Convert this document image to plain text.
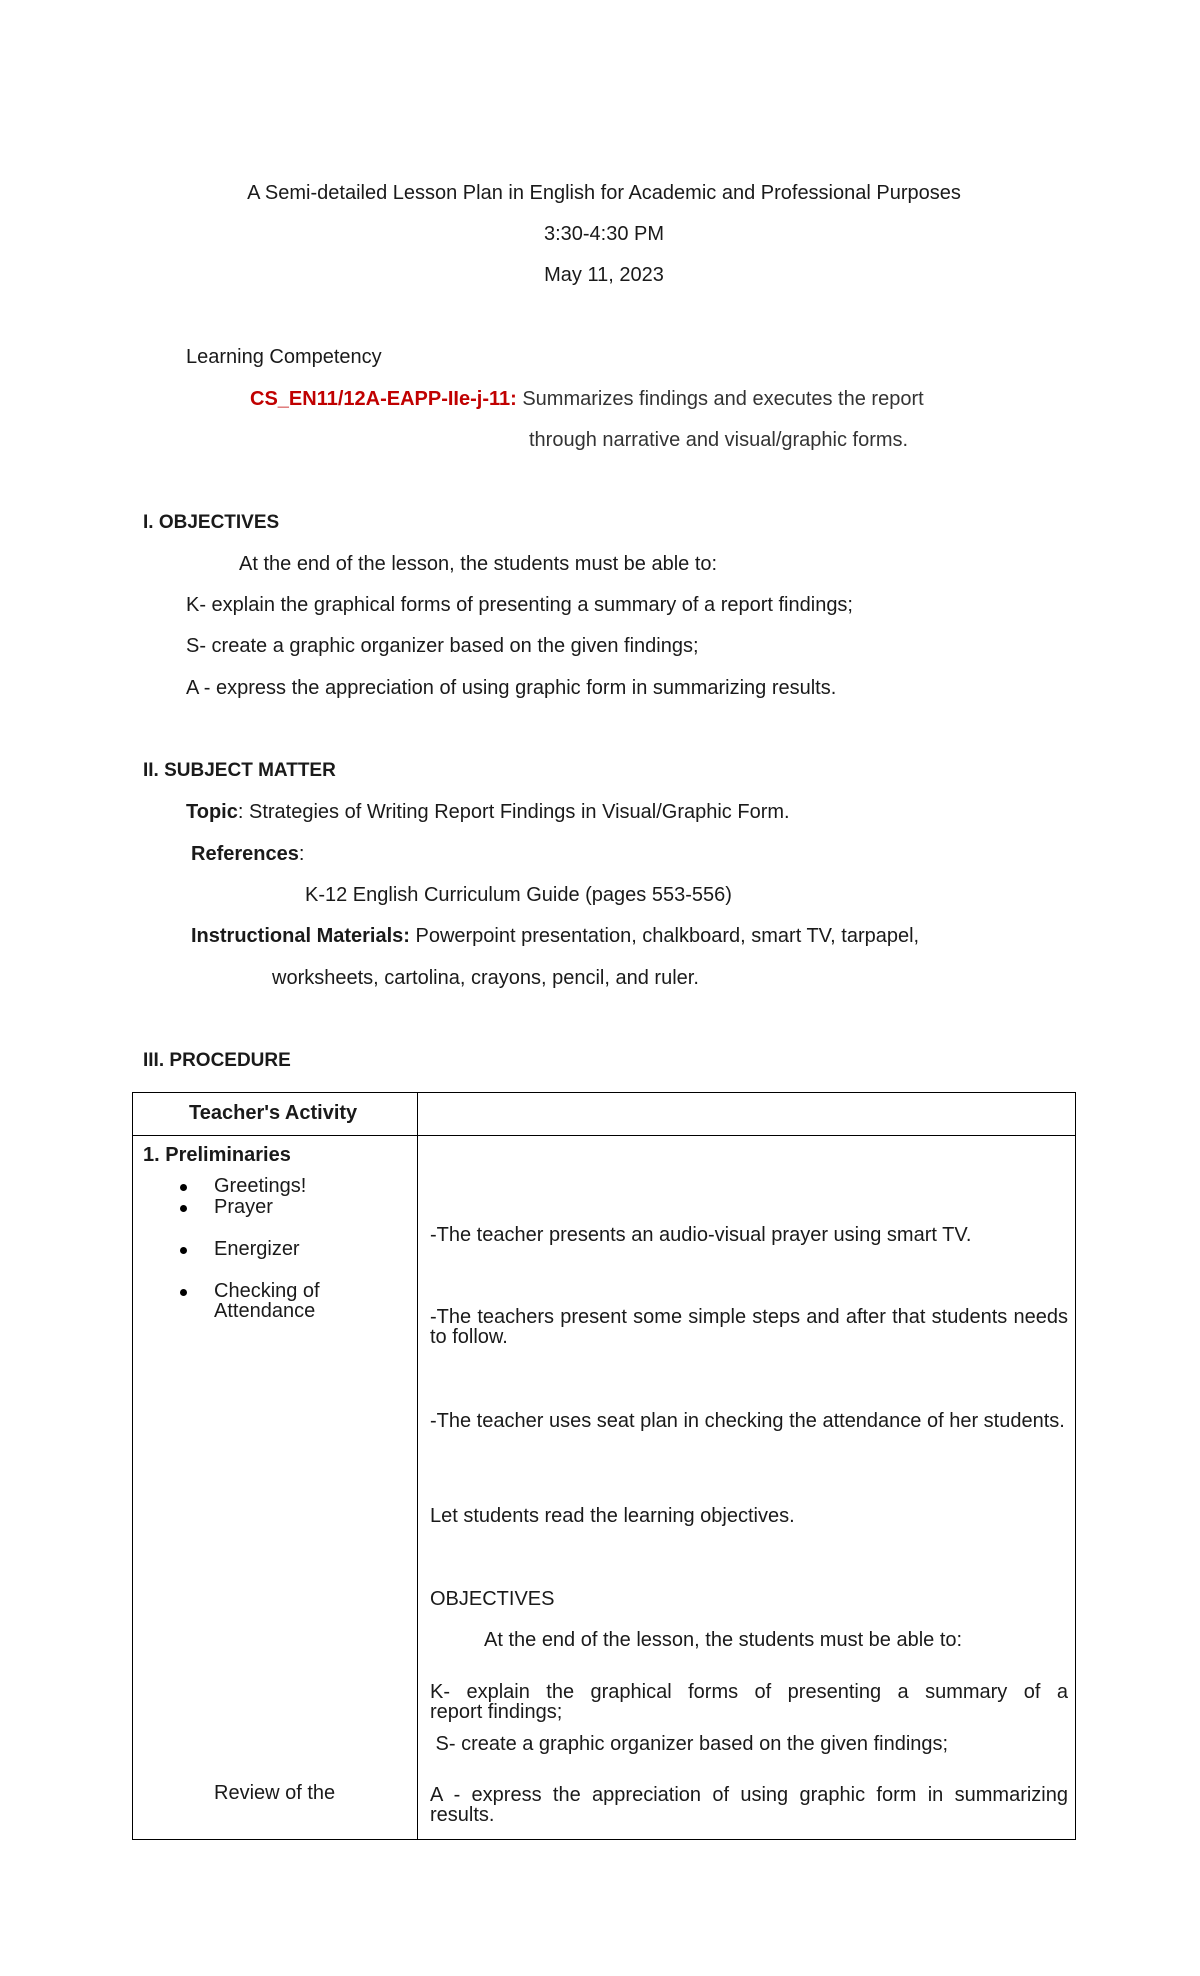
A Semi-detailed Lesson Plan in English for Academic and Professional Purposes
3:30-4:30 PM
May 11, 2023
Learning Competency
CS_EN11/12A-EAPP-IIe-j-11: Summarizes findings and executes the report
through narrative and visual/graphic forms.
I. OBJECTIVES
At the end of the lesson, the students must be able to:
K- explain the graphical forms of presenting a summary of a report findings;
S- create a graphic organizer based on the given findings;
A - express the appreciation of using graphic form in summarizing results.
II. SUBJECT MATTER
Topic: Strategies of Writing Report Findings in Visual/Graphic Form.
References:
K-12 English Curriculum Guide (pages 553-556)
Instructional Materials: Powerpoint presentation, chalkboard, smart TV, tarpapel,
worksheets, cartolina, crayons, pencil, and ruler.
III. PROCEDURE
Teacher's Activity
1. Preliminaries
Greetings!
Prayer
Energizer
Checking of
Attendance
Review of the
-The teacher presents an audio-visual prayer using smart TV.
-The teachers present some simple steps and after that students needs to follow.
-The teacher uses seat plan in checking the attendance of her students.
Let students read the learning objectives.
OBJECTIVES
At the end of the lesson, the students must be able to:
K-  explain  the  graphical  forms  of  presenting  a  summary  of  a report findings;
S- create a graphic organizer based on the given findings;
A - express the appreciation of using graphic form in summarizing results.
